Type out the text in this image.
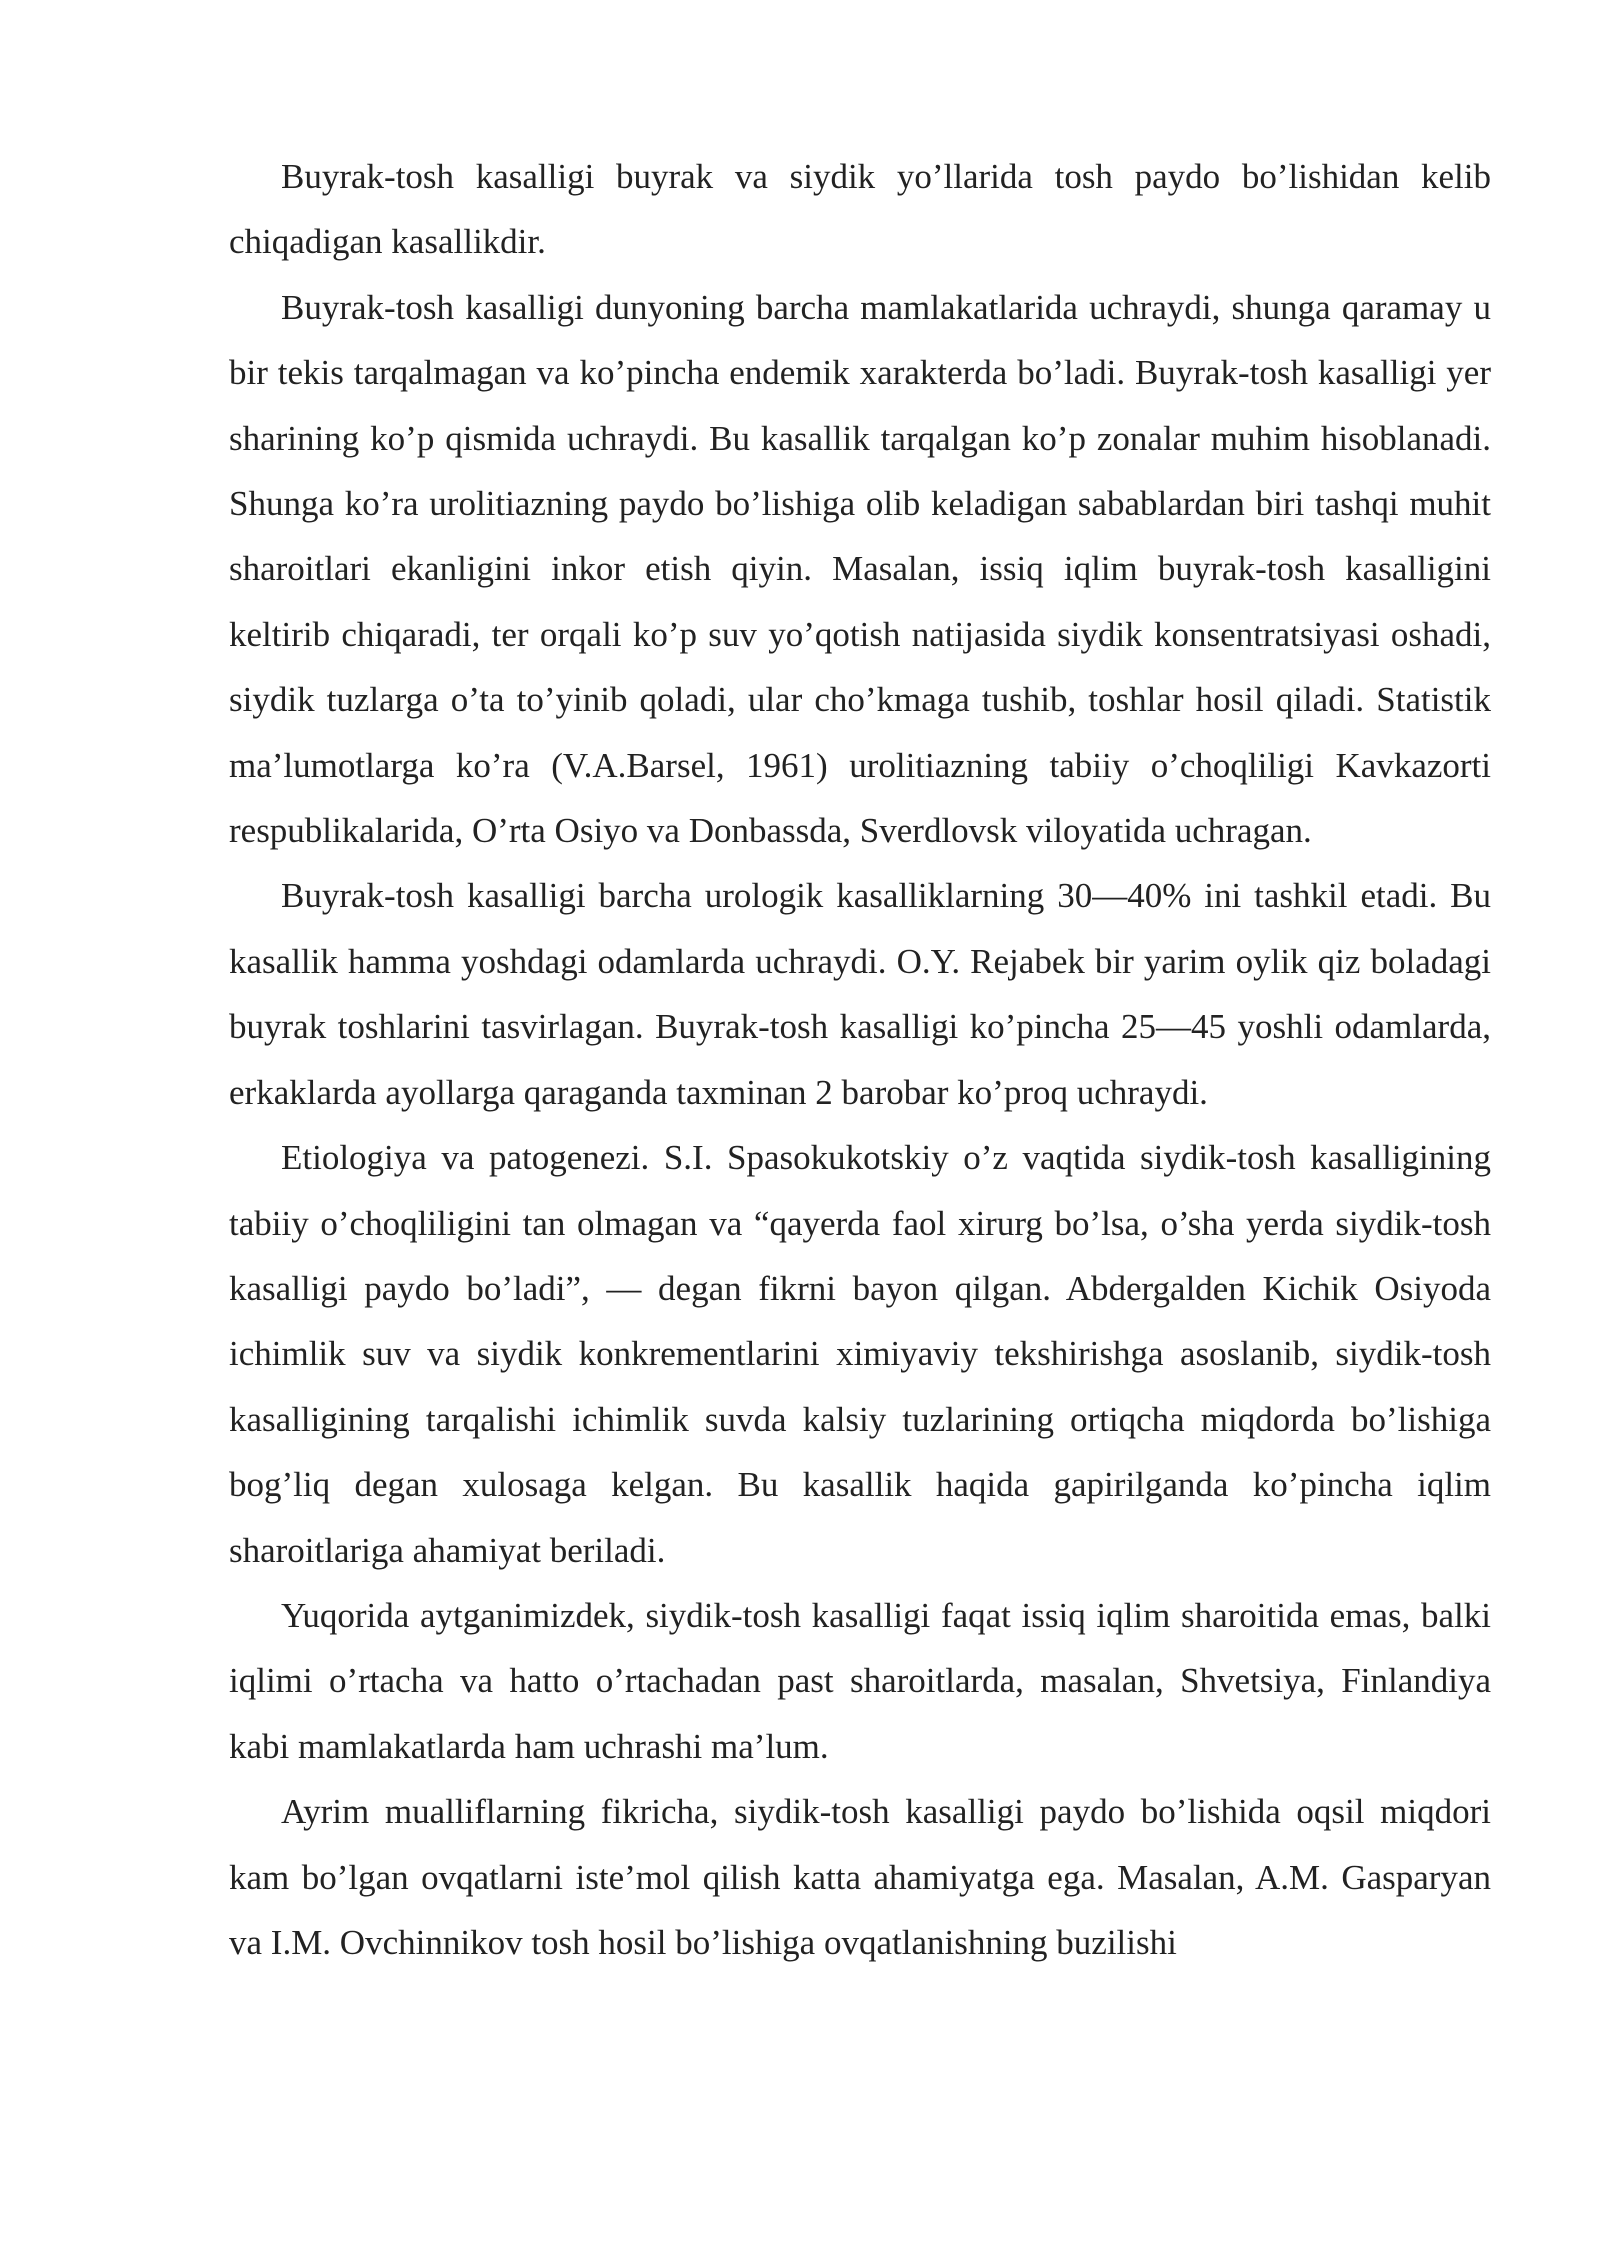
Buyrak-tosh kasalligi buyrak va siydik yo’llarida tosh paydo bo’lishidan kelib chiqadigan kasallikdir.

Buyrak-tosh kasalligi dunyoning barcha mamlakatlarida uchraydi, shunga qaramay u bir tekis tarqalmagan va ko’pincha endemik xarakterda bo’ladi. Buyrak-tosh kasalligi yer sharining ko’p qismida uchraydi. Bu kasallik tarqalgan ko’p zonalar muhim hisoblanadi. Shunga ko’ra urolitiazning paydo bo’lishiga olib keladigan sabablardan biri tashqi muhit sharoitlari ekanligini inkor etish qiyin. Masalan, issiq iqlim buyrak-tosh kasalligini keltirib chiqaradi, ter orqali ko’p suv yo’qotish natijasida siydik konsentratsiyasi oshadi, siydik tuzlarga o’ta to’yinib qoladi, ular cho’kmaga tushib, toshlar hosil qiladi. Statistik ma’lumotlarga ko’ra (V.A.Barsel, 1961) urolitiazning tabiiy o’choqliligi Kavkazorti respublikalarida, O’rta Osiyo va Donbassda, Sverdlovsk viloyatida uchragan.

Buyrak-tosh kasalligi barcha urologik kasalliklarning 30—40% ini tashkil etadi. Bu kasallik hamma yoshdagi odamlarda uchraydi. O.Y. Rejabek bir yarim oylik qiz boladagi buyrak toshlarini tasvirlagan. Buyrak-tosh kasalligi ko’pincha 25—45 yoshli odamlarda, erkaklarda ayollarga qaraganda taxminan 2 barobar ko’proq uchraydi.

Etiologiya va patogenezi. S.I. Spasokukotskiy o’z vaqtida siydik-tosh kasalligining tabiiy o’choqliligini tan olmagan va “qayerda faol xirurg bo’lsa, o’sha yerda siydik-tosh kasalligi paydo bo’ladi”, — degan fikrni bayon qilgan. Abdergalden Kichik Osiyoda ichimlik suv va siydik konkrementlarini ximiyaviy tekshirishga asoslanib, siydik-tosh kasalligining tarqalishi ichimlik suvda kalsiy tuzlarining ortiqcha miqdorda bo’lishiga bog’liq degan xulosaga kelgan. Bu kasallik haqida gapirilganda ko’pincha iqlim sharoitlariga ahamiyat beriladi.

Yuqorida aytganimizdek, siydik-tosh kasalligi faqat issiq iqlim sharoitida emas, balki iqlimi o’rtacha va hatto o’rtachadan past sharoitlarda, masalan, Shvetsiya, Finlandiya kabi mamlakatlarda ham uchrashi ma’lum.

Ayrim mualliflarning fikricha, siydik-tosh kasalligi paydo bo’lishida oqsil miqdori kam bo’lgan ovqatlarni iste’mol qilish katta ahamiyatga ega. Masalan, A.M. Gasparyan va I.M. Ovchinnikov tosh hosil bo’lishiga ovqatlanishning buzilishi
